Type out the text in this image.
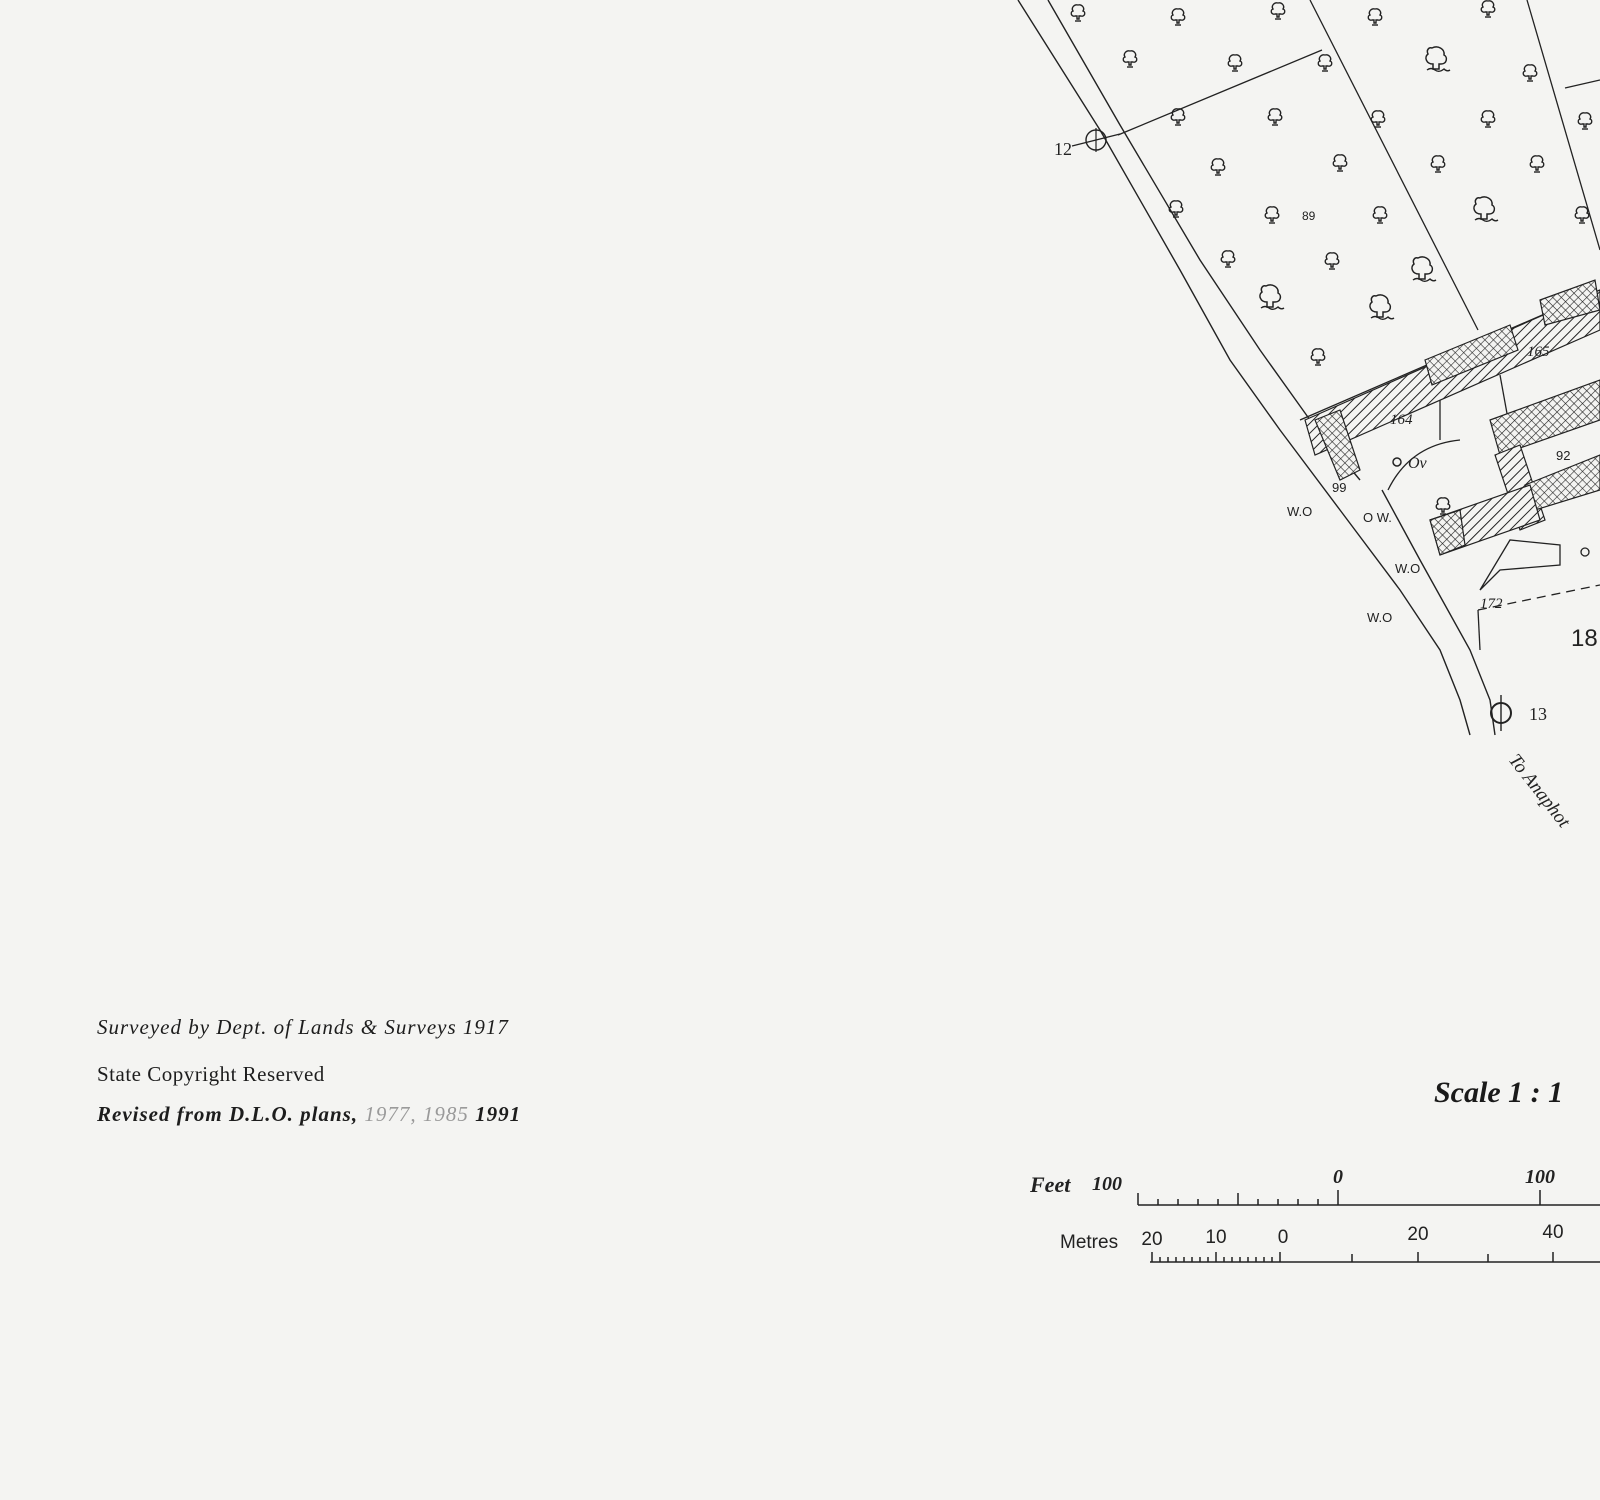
12
13
89
164
165
92
99
172
18
W.O	O W.
W.O
W.O
Ov
To Anaphot
Feet 100	0	100
Metres 20 10	0	20	40

Surveyed by Dept. of Lands & Surveys 1917

State Copyright Reserved

Revised from D.L.O. plans, 1977, 1985 1991

Scale 1 : 1
